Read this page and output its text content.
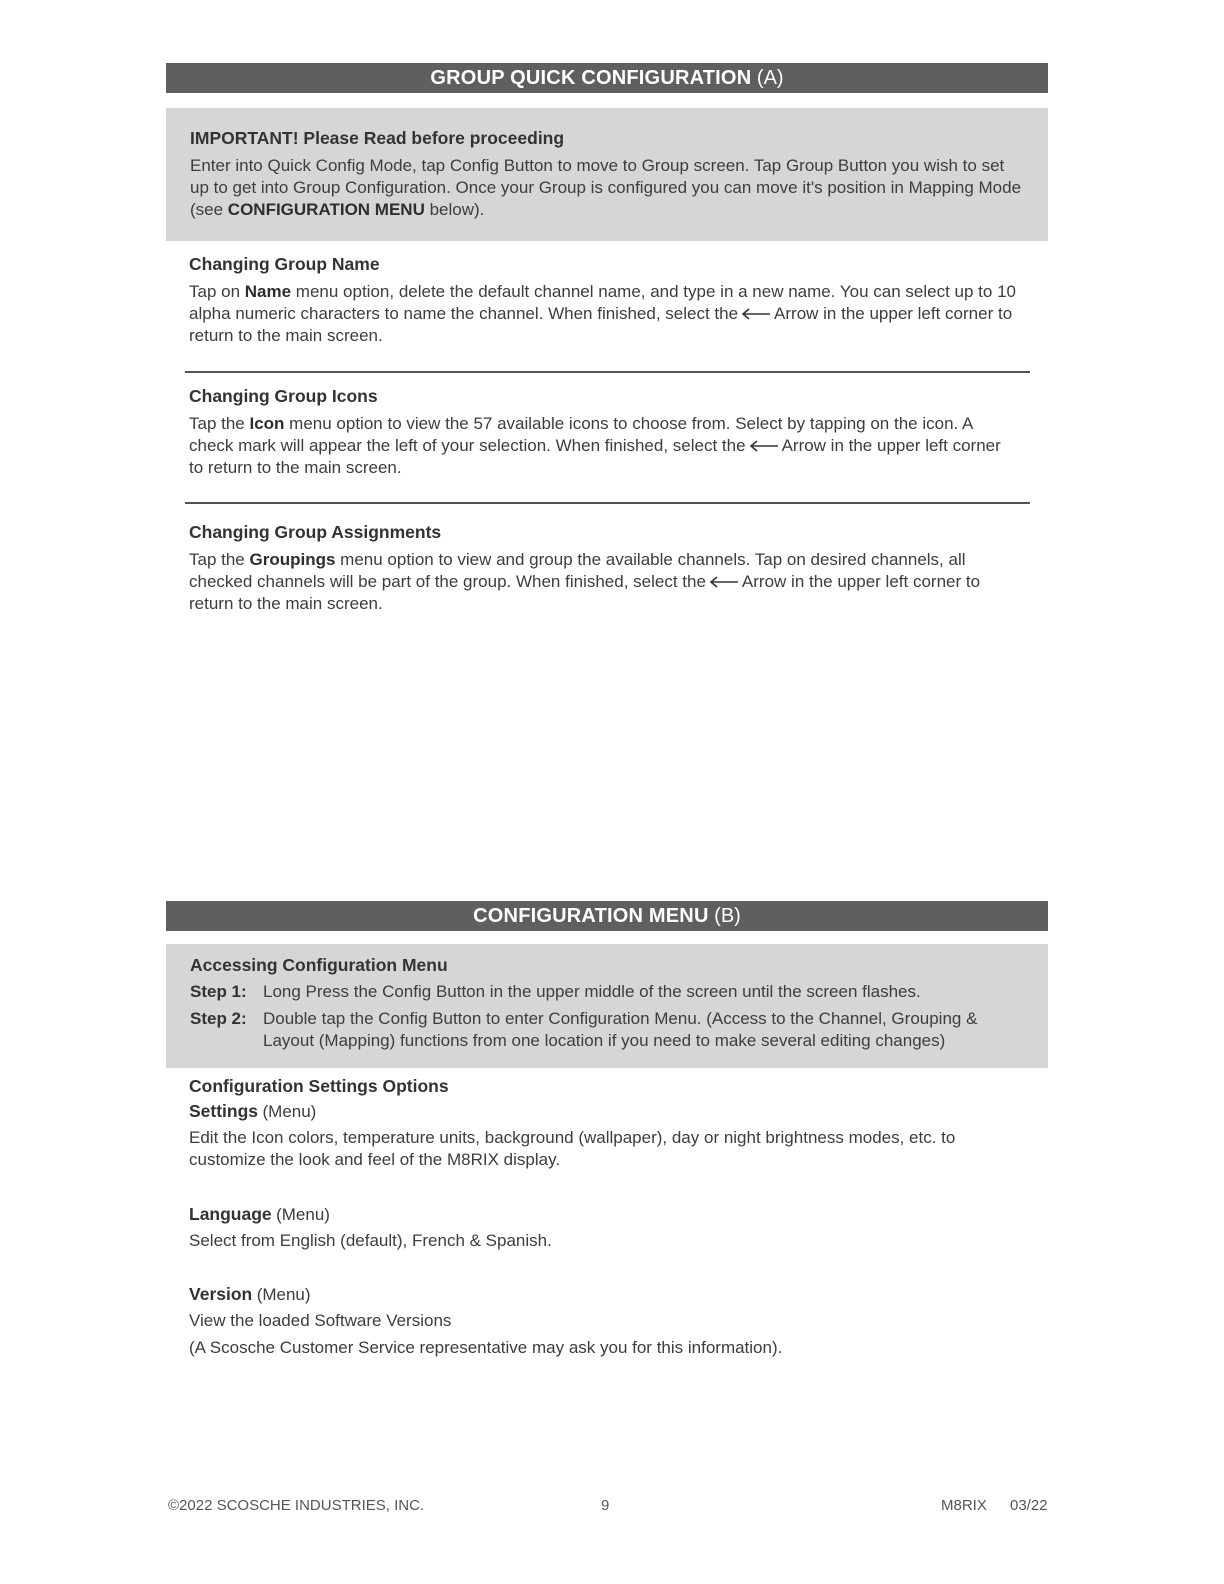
GROUP QUICK CONFIGURATION (A)
IMPORTANT! Please Read before proceeding
Enter into Quick Config Mode, tap Config Button to move to Group screen. Tap Group Button you wish to set up to get into Group Configuration. Once your Group is configured you can move it's position in Mapping Mode (see CONFIGURATION MENU below).
Changing Group Name
Tap on Name menu option, delete the default channel name, and type in a new name. You can select up to 10 alpha numeric characters to name the channel. When finished, select the Arrow in the upper left corner to return to the main screen.
Changing Group Icons
Tap the Icon menu option to view the 57 available icons to choose from. Select by tapping on the icon. A check mark will appear the left of your selection. When finished, select the Arrow in the upper left corner to return to the main screen.
Changing Group Assignments
Tap the Groupings menu option to view and group the available channels. Tap on desired channels, all checked channels will be part of the group. When finished, select the Arrow in the upper left corner to return to the main screen.
CONFIGURATION MENU (B)
Accessing Configuration Menu
Step 1: Long Press the Config Button in the upper middle of the screen until the screen flashes.
Step 2: Double tap the Config Button to enter Configuration Menu. (Access to the Channel, Grouping & Layout (Mapping) functions from one location if you need to make several editing changes)
Configuration Settings Options
Settings (Menu)
Edit the Icon colors, temperature units, background (wallpaper), day or night brightness modes, etc. to customize the look and feel of the M8RIX display.
Language (Menu)
Select from English (default), French & Spanish.
Version (Menu)
View the loaded Software Versions
(A Scosche Customer Service representative may ask you for this information).
©2022 SCOSCHE INDUSTRIES, INC.	9	M8RIX 03/22
